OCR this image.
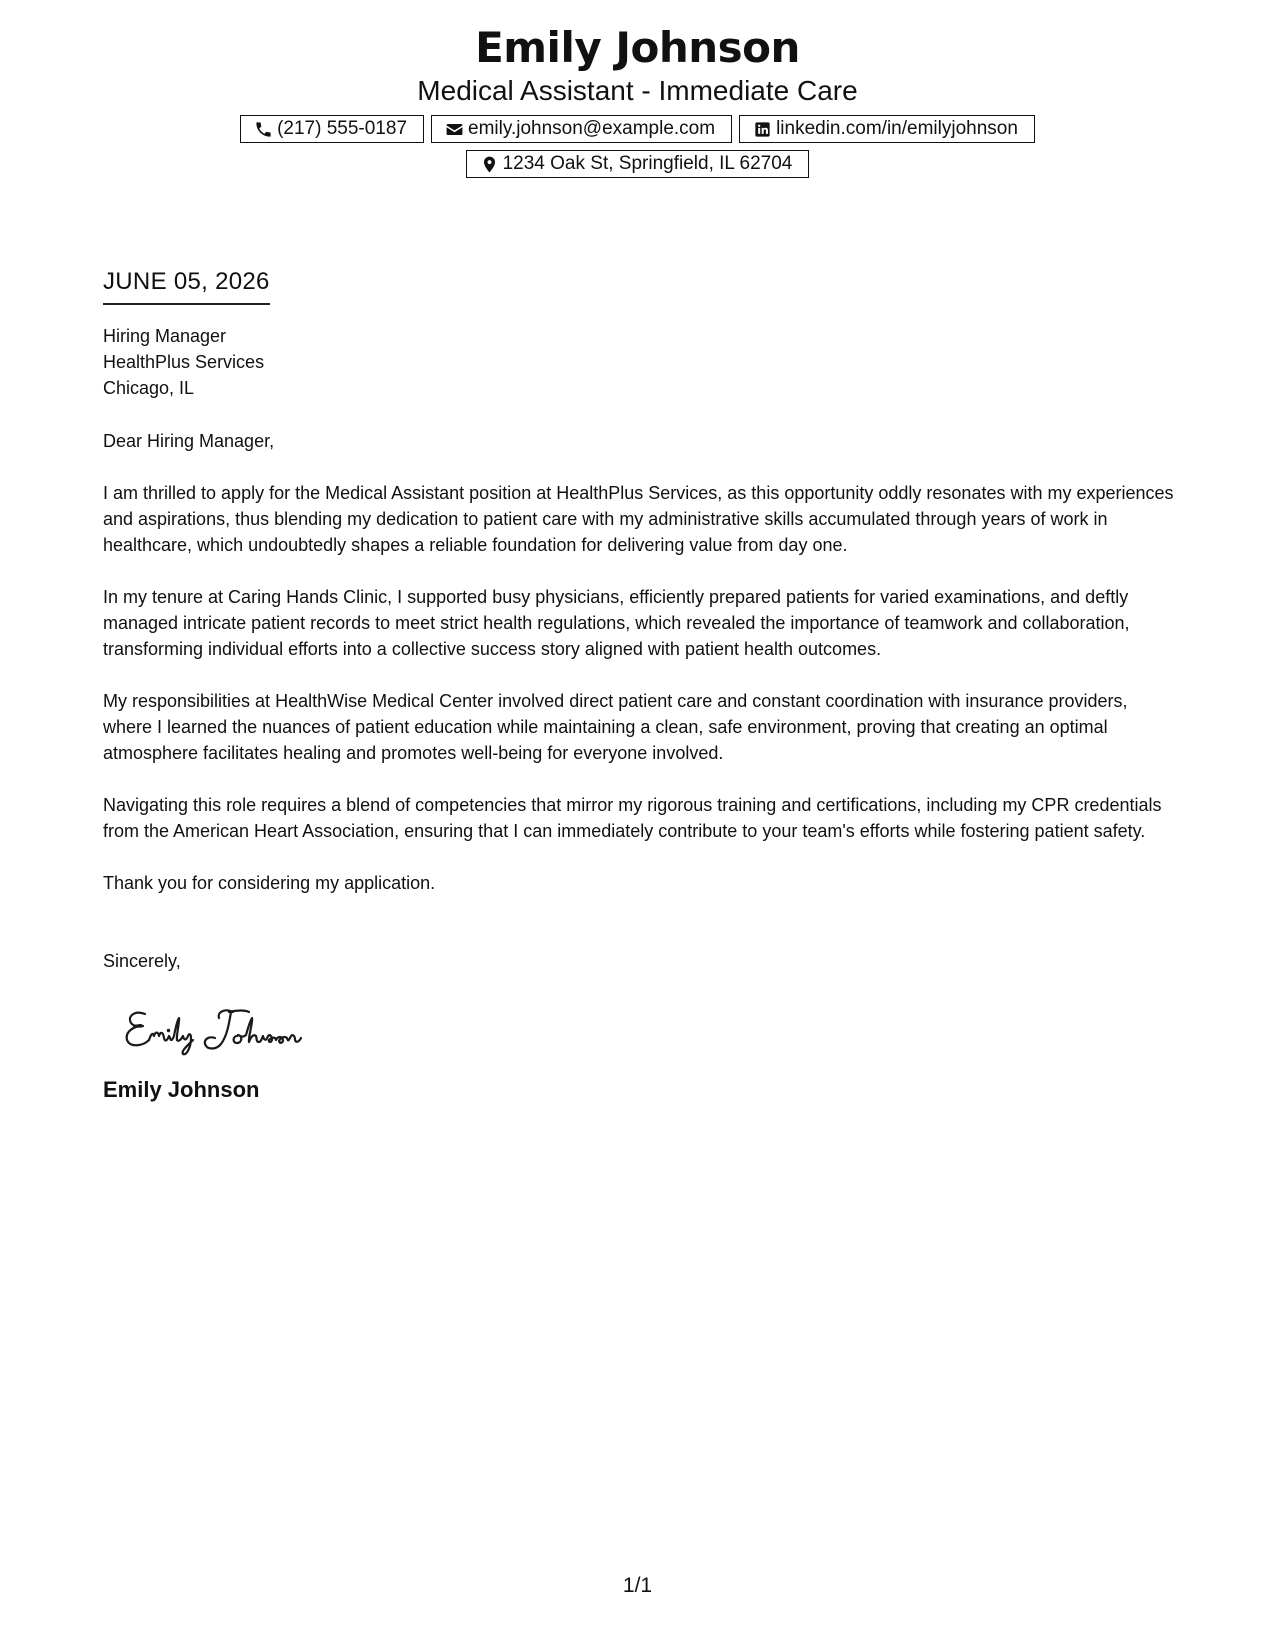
Emily Johnson
Medical Assistant - Immediate Care
(217) 555-0187	emily.johnson@example.com	linkedin.com/in/emilyjohnson
1234 Oak St, Springfield, IL 62704
JUNE 05, 2026
Hiring Manager
HealthPlus Services
Chicago, IL
Dear Hiring Manager,
I am thrilled to apply for the Medical Assistant position at HealthPlus Services, as this opportunity oddly resonates with my experiences and aspirations, thus blending my dedication to patient care with my administrative skills accumulated through years of work in healthcare, which undoubtedly shapes a reliable foundation for delivering value from day one.
In my tenure at Caring Hands Clinic, I supported busy physicians, efficiently prepared patients for varied examinations, and deftly managed intricate patient records to meet strict health regulations, which revealed the importance of teamwork and collaboration, transforming individual efforts into a collective success story aligned with patient health outcomes.
My responsibilities at HealthWise Medical Center involved direct patient care and constant coordination with insurance providers, where I learned the nuances of patient education while maintaining a clean, safe environment, proving that creating an optimal atmosphere facilitates healing and promotes well-being for everyone involved.
Navigating this role requires a blend of competencies that mirror my rigorous training and certifications, including my CPR credentials from the American Heart Association, ensuring that I can immediately contribute to your team's efforts while fostering patient safety.
Thank you for considering my application.
Sincerely,
Emily Johnson
1/1
